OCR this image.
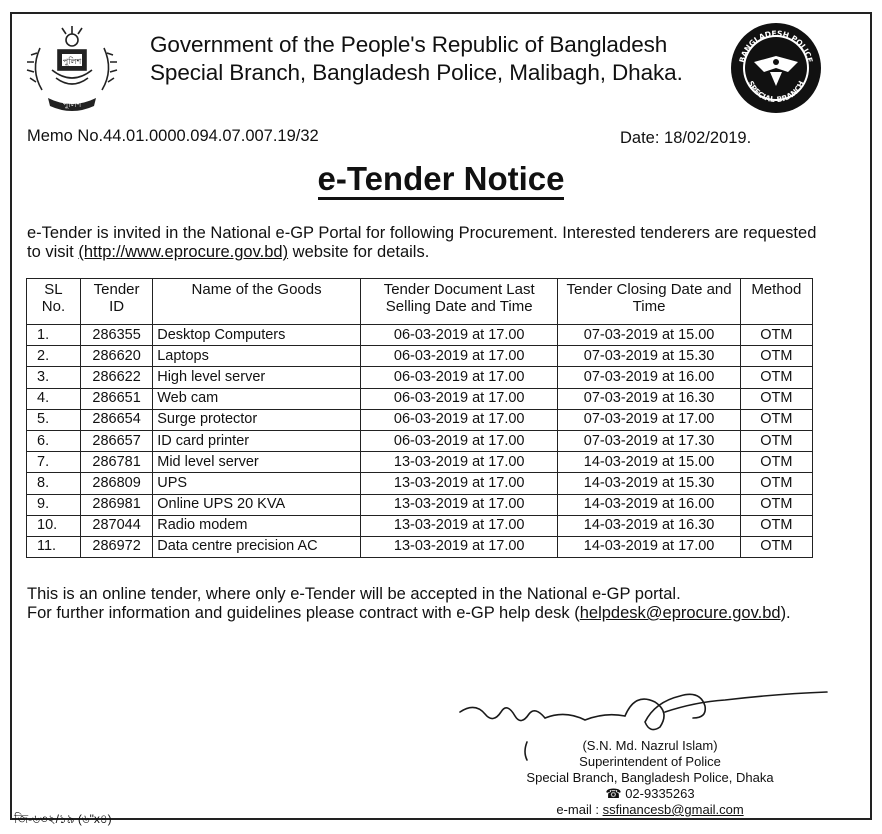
পুলিশ
পুলিশ
Government of the People's Republic of Bangladesh
Special Branch, Bangladesh Police, Malibagh, Dhaka.
BANGLADESH POLICE
SPECIAL BRANCH
Memo No.44.01.0000.094.07.007.19/32	Date: 18/02/2019.
e-Tender Notice
e-Tender is invited in the National e-GP Portal for following Procurement. Interested tenderers are requested to visit (http://www.eprocure.gov.bd) website for details.
SL No.	Tender ID	Name of the Goods	Tender Document Last Selling Date and Time	Tender Closing Date and Time	Method
1.	286355	Desktop Computers	06-03-2019 at 17.00	07-03-2019 at 15.00	OTM
2.	286620	Laptops	06-03-2019 at 17.00	07-03-2019 at 15.30	OTM
3.	286622	High level server	06-03-2019 at 17.00	07-03-2019 at 16.00	OTM
4.	286651	Web cam	06-03-2019 at 17.00	07-03-2019 at 16.30	OTM
5.	286654	Surge protector	06-03-2019 at 17.00	07-03-2019 at 17.00	OTM
6.	286657	ID card printer	06-03-2019 at 17.00	07-03-2019 at 17.30	OTM
7.	286781	Mid level server	13-03-2019 at 17.00	14-03-2019 at 15.00	OTM
8.	286809	UPS	13-03-2019 at 17.00	14-03-2019 at 15.30	OTM
9.	286981	Online UPS 20 KVA	13-03-2019 at 17.00	14-03-2019 at 16.00	OTM
10.	287044	Radio modem	13-03-2019 at 17.00	14-03-2019 at 16.30	OTM
11.	286972	Data centre precision AC	13-03-2019 at 17.00	14-03-2019 at 17.00	OTM
This is an online tender, where only e-Tender will be accepted in the National e-GP portal.
For further information and guidelines please contract with e-GP help desk (helpdesk@eprocure.gov.bd).
(S.N. Md. Nazrul Islam)
Superintendent of Police
Special Branch, Bangladesh Police, Dhaka
☎ 02-9335263
e-mail : ssfinancesb@gmail.com
জি-৬৩২/১৯ (৬"x৪)
